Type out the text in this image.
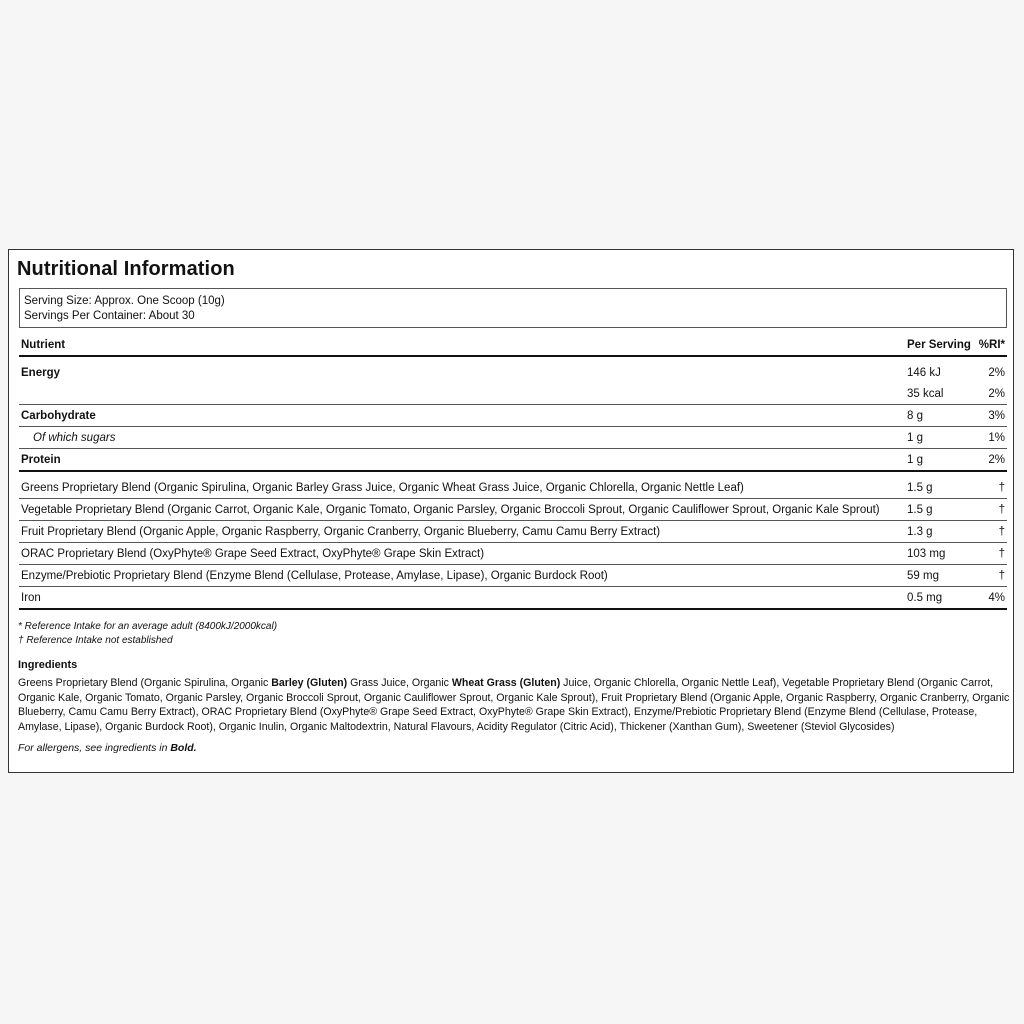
Nutritional Information
Serving Size: Approx. One Scoop (10g)
Servings Per Container: About 30
Nutrient	Per Serving %RI*
Energy	146 kJ	2%
35 kcal	2%
Carbohydrate	8 g	3%
Of which sugars	1 g	1%
Protein	1 g	2%
Greens Proprietary Blend (Organic Spirulina, Organic Barley Grass Juice, Organic Wheat Grass Juice, Organic Chlorella, Organic Nettle Leaf)	1.5 g	†
Vegetable Proprietary Blend (Organic Carrot, Organic Kale, Organic Tomato, Organic Parsley, Organic Broccoli Sprout, Organic Cauliflower Sprout, Organic Kale Sprout) 1.5 g	†
Fruit Proprietary Blend (Organic Apple, Organic Raspberry, Organic Cranberry, Organic Blueberry, Camu Camu Berry Extract)	1.3 g	†
ORAC Proprietary Blend (OxyPhyte® Grape Seed Extract, OxyPhyte® Grape Skin Extract)	103 mg	†
Enzyme/Prebiotic Proprietary Blend (Enzyme Blend (Cellulase, Protease, Amylase, Lipase), Organic Burdock Root)	59 mg	†
Iron	0.5 mg	4%
* Reference Intake for an average adult (8400kJ/2000kcal)
† Reference Intake not established
Ingredients
Greens Proprietary Blend (Organic Spirulina, Organic Barley (Gluten) Grass Juice, Organic Wheat Grass (Gluten) Juice, Organic Chlorella, Organic Nettle Leaf), Vegetable Proprietary Blend (Organic Carrot, Organic Kale, Organic Tomato, Organic Parsley, Organic Broccoli Sprout, Organic Cauliflower Sprout, Organic Kale Sprout), Fruit Proprietary Blend (Organic Apple, Organic Raspberry, Organic Cranberry, Organic Blueberry, Camu Camu Berry Extract), ORAC Proprietary Blend (OxyPhyte® Grape Seed Extract, OxyPhyte® Grape Skin Extract), Enzyme/Prebiotic Proprietary Blend (Enzyme Blend (Cellulase, Protease, Amylase, Lipase), Organic Burdock Root), Organic Inulin, Organic Maltodextrin, Natural Flavours, Acidity Regulator (Citric Acid), Thickener (Xanthan Gum), Sweetener (Steviol Glycosides)
For allergens, see ingredients in Bold.
